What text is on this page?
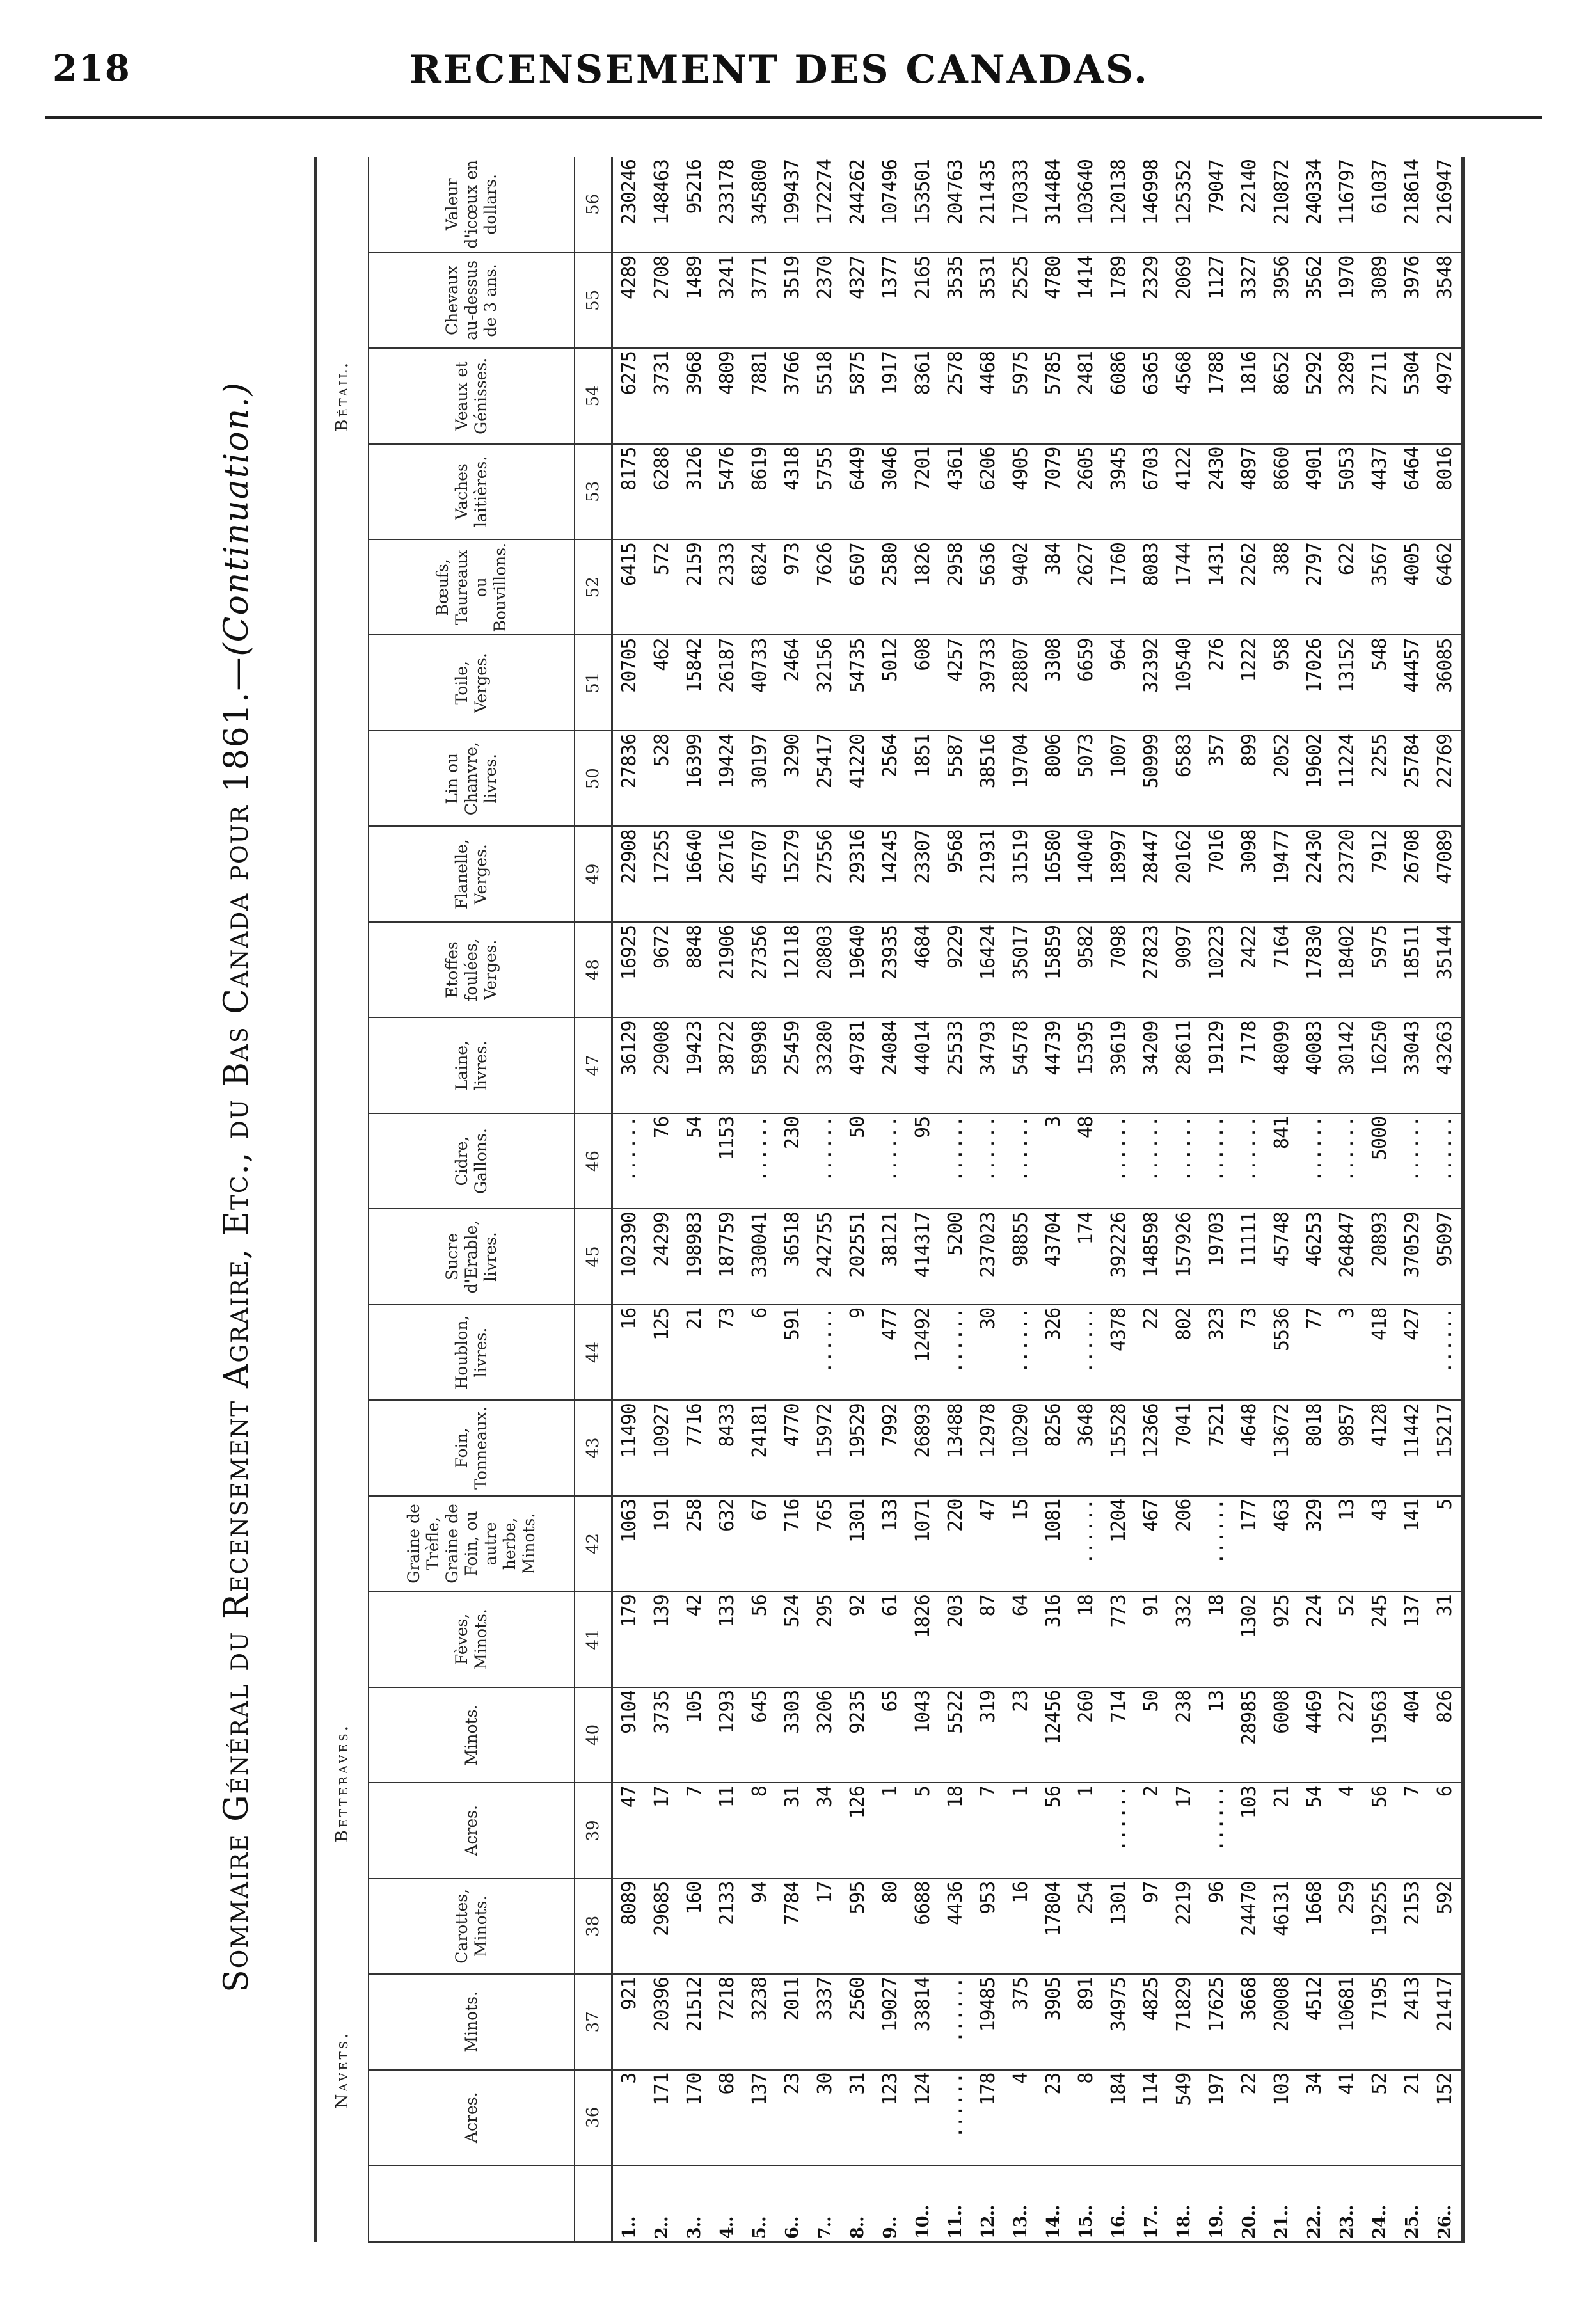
218	RECENSEMENT DES CANADAS.
Sommaire Général du Recensement Agraire, Etc., du Bas Canada pour 1861.—(Continuation.)
	Navets.			Betteraves.													Bétail.				
	Acres.	Minots.	Carottes, Minots.	Acres.	Minots.	Fèves, Minots.	Graine de Trèfle, Graine de Foin, ou autre herbe, Minots.	Foin, Tonneaux.	Houblon, livres.	Sucre d'Erable, livres.	Cidre, Gallons.	Laine, livres.	Etoffes foulées, Verges.	Flanelle, Verges.	Lin ou Chanvre, livres.	Toile, Verges.	Bœufs, Taureaux ou Bouvillons.	Vaches laitières.	Veaux et Génisses.	Chevaux au-dessus de 3 ans.	Valeur d'icœux en dollars.
	36	37	38	39	40	41	42	43	44	45	46	47	48	49	50	51	52	53	54	55	56
1..	3	921	8089	47	9104	179	1063	11490	16	102390	......	36129	16925	22908	27836	20705	6415	8175	6275	4289	230246
2..	171	20396	29685	17	3735	139	191	10927	125	24299	76	29008	9672	17255	528	462	572	6288	3731	2708	148463
3..	170	21512	160	7	105	42	258	7716	21	198983	54	19423	8848	16640	16399	15842	2159	3126	3968	1489	95216
4..	68	7218	2133	11	1293	133	632	8433	73	187759	1153	38722	21906	26716	19424	26187	2333	5476	4809	3241	233178
5..	137	3238	94	8	645	56	67	24181	6	330041	......	58998	27356	45707	30197	40733	6824	8619	7881	3771	345800
6..	23	2011	7784	31	3303	524	716	4770	591	36518	230	25459	12118	15279	3290	2464	973	4318	3766	3519	199437
7..	30	3337	17	34	3206	295	765	15972	......	242755	......	33280	20803	27556	25417	32156	7626	5755	5518	2370	172274
8..	31	2560	595	126	9235	92	1301	19529	9	202551	50	49781	19640	29316	41220	54735	6507	6449	5875	4327	244262
9..	123	19027	80	1	65	61	133	7992	477	38121	......	24084	23935	14245	2564	5012	2580	3046	1917	1377	107496
10..	124	33814	6688	5	1043	1826	1071	26893	12492	414317	95	44014	4684	23307	1851	608	1826	7201	8361	2165	153501
11..	......	......	4436	18	5522	203	220	13488	......	5200	......	25533	9229	9568	5587	4257	2958	4361	2578	3535	204763
12..	178	19485	953	7	319	87	47	12978	30	237023	......	34793	16424	21931	38516	39733	5636	6206	4468	3531	211435
13..	4	375	16	1	23	64	15	10290	......	98855	......	54578	35017	31519	19704	28807	9402	4905	5975	2525	170333
14..	23	3905	17804	56	12456	316	1081	8256	326	43704	3	44739	15859	16580	8006	3308	384	7079	5785	4780	314484
15..	8	891	254	1	260	18	......	3648	......	174	48	15395	9582	14040	5073	6659	2627	2605	2481	1414	103640
16..	184	34975	1301	......	714	773	1204	15528	4378	392226	......	39619	7098	18997	1007	964	1760	3945	6086	1789	120138
17..	114	4825	97	2	50	91	467	12366	22	148598	......	34209	27823	28447	50999	32392	8083	6703	6365	2329	146998
18..	549	71829	2219	17	238	332	206	7041	802	157926	......	28611	9097	20162	6583	10540	1744	4122	4568	2069	125352
19..	197	17625	96	......	13	18	......	7521	323	19703	......	19129	10223	7016	357	276	1431	2430	1788	1127	79047
20..	22	3668	24470	103	28985	1302	177	4648	73	11111	......	7178	2422	3098	899	1222	2262	4897	1816	3327	22140
21..	103	20008	46131	21	6008	925	463	13672	5536	45748	841	48099	7164	19477	2052	958	388	8660	8652	3956	210872
22..	34	4512	1668	54	4469	224	329	8018	77	46253	......	40083	17830	22430	19602	17026	2797	4901	5292	3562	240334
23..	41	10681	259	4	227	52	13	9857	3	264847	......	30142	18402	23720	11224	13152	622	5053	3289	1970	116797
24..	52	7195	19255	56	19563	245	43	4128	418	20893	5000	16250	5975	7912	2255	548	3567	4437	2711	3089	61037
25..	21	2413	2153	7	404	137	141	11442	427	370529	......	33043	18511	26708	25784	44457	4005	6464	5304	3976	218614
26..	152	21417	592	6	826	31	5	15217	......	95097	......	43263	35144	47089	22769	36085	6462	8016	4972	3548	216947
